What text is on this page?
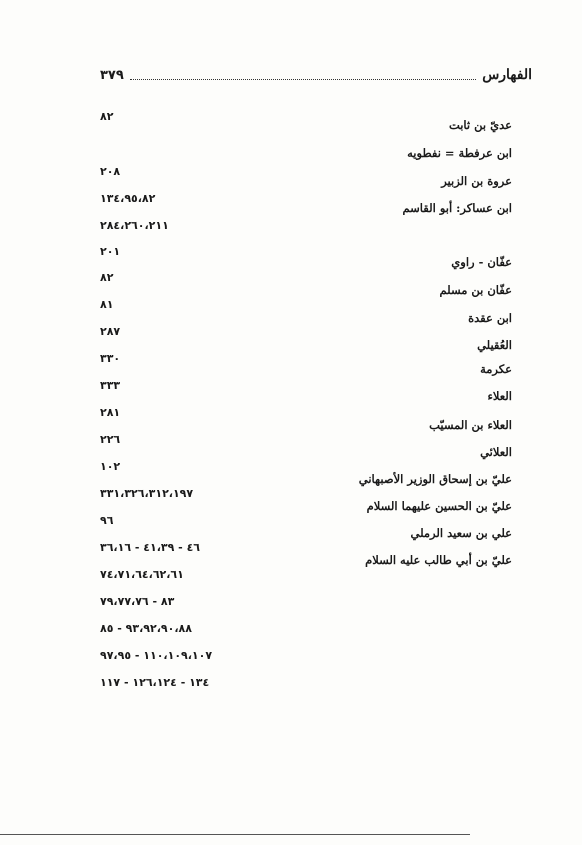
الفهارس
٣٧٩
عديّ بن ثابت
ابن عرفطة = نفطويه
عروة بن الزبير
ابن عساكر: أبو القاسم
عفّان - راوي
عفّان بن مسلم
ابن عقدة
العُقيلي
عكرمة
العلاء
العلاء بن المسيّب
العلائي
عليّ بن إسحاق الوزير الأصبهاني
عليّ بن الحسين عليهما السلام
علي بن سعيد الرملي
عليّ بن أبي طالب عليه السلام
٨٢
٢٠٨
١٣٤،٩٥،٨٢
٢٨٤،٢٦٠،٢١١
٢٠١
٨٢
٨١
٢٨٧
٣٣٠
٣٣٣
٢٨١
٢٢٦
١٠٢
٣٣١،٣٢٦،٣١٢،١٩٧
٩٦
٤٦ - ٤١،٣٩ - ٣٦،١٦
٧٤،٧١،٦٤،٦٢،٦١
٨٣ - ٧٩،٧٧،٧٦
٩٣،٩٢،٩٠،٨٨ - ٨٥
١١٠،١٠٩،١٠٧ - ٩٧،٩٥
١٣٤ - ١٢٦،١٢٤ - ١١٧
